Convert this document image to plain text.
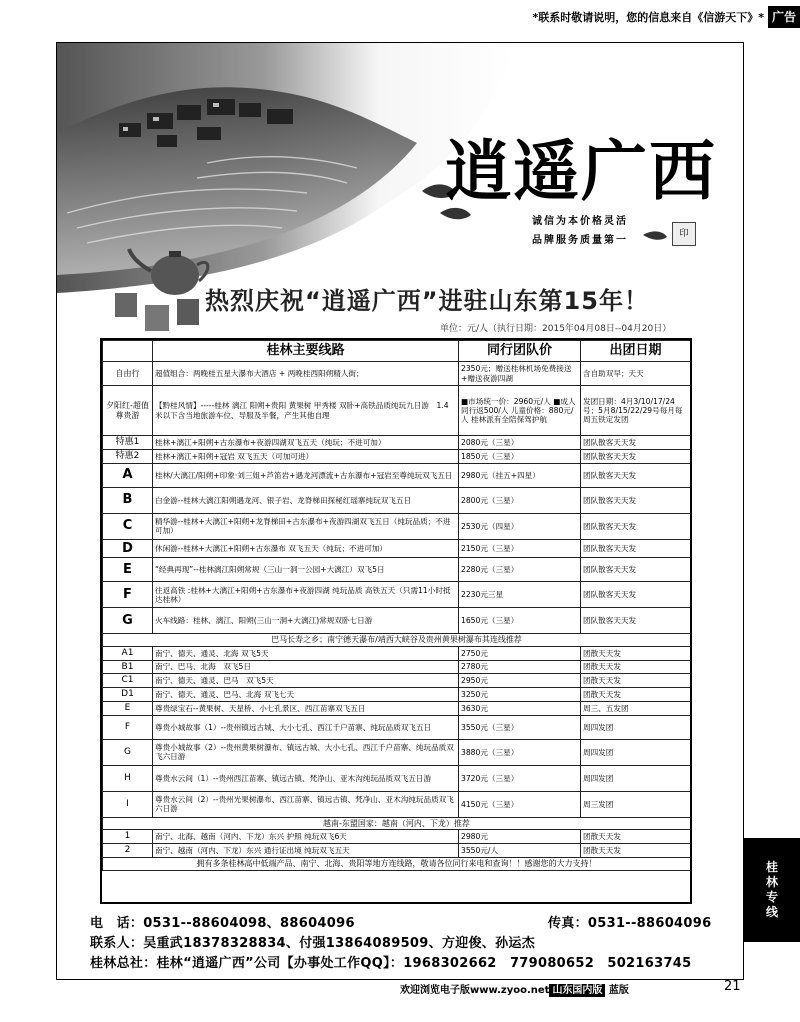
*联系时敬请说明，您的信息来自《信游天下》* 广告
逍遥广西
诚信为本价格灵活
品牌服务质量第一
印
热烈庆祝“逍遥广西”进驻山东第15年！
单位：元/人（执行日期：2015年04月08日--04月20日）
	桂林主要线路	同行团队价	出团日期
自由行	超值组合：两晚桂五星大瀑布大酒店 + 两晚桂西阳朔精人街；	2350元；赠送桂林机场免费接送+赠送夜游四湖	含自助双早；天天
夕阳红-超值尊贵游	【黔桂风情】-----桂林 漓江 阳朔+贵阳 黄果树 甲秀楼 双卧+高铁品质纯玩九日游　1.4米以下含当地旅游车位、导服及半餐，产生其他自理	■市场统一价：2960元/人 ■成人同行返500/人 儿童价格：880元/人 桂林派有全陪保驾护航	发团日期：4月3/10/17/24号；5月8/15/22/29号每月每周五铁定发团
特惠1	桂林+漓江+阳朔+古东瀑布+夜游四湖双飞五天（纯玩；不进可加）	2080元（三星）	团队散客天天发
特惠2	桂林+漓江+阳朔+冠岩 双飞五天（可加可进）	1850元（三星）	团队散客天天发
A	桂林/大漓江/阳朔+印象·刘三姐+芦笛岩+遇龙河漂流+古东瀑布+冠岩至尊纯玩双飞五日	2980元（挂五+四星）	团队散客天天发
B	白金游--桂林大漓江阳朔遇龙河、银子岩、龙脊梯田探秘红瑶寨纯玩双飞五日	2800元（三星）	团队散客天天发
C	精华游--桂林+大漓江+阳朔+龙脊梯田+古东瀑布+夜游四湖双飞五日（纯玩品质；不进可加）	2530元（四星）	团队散客天天发
D	休闲游--桂林+大漓江+阳朔+古东瀑布 双飞五天（纯玩；不进可加）	2150元（三星）	团队散客天天发
E	“经典再现”--桂林漓江阳朔常规（三山一洞一公园+大漓江）双飞5日	2280元（三星）	团队散客天天发
F	往返高铁 :桂林+大漓江+阳朔+古东瀑布+夜游四湖 纯玩品质 高铁五天（只需11小时抵达桂林）	2230元三星	团队散客天天发
G	火车线路：桂林、漓江、阳朔(三山一洞+大漓江)常规双卧七日游	1650元（三星）	团队散客天天发
巴马长寿之乡；南宁德天瀑布/靖西大峡谷及贵州黄果树瀑布其连线推荐			
A1	南宁、德天、通灵、北海 双飞5天	2750元	团散天天发
B1	南宁、巴马、北海　双飞5日	2780元	团散天天发
C1	南宁、德天、通灵、巴马　双飞5天	2950元	团散天天发
D1	南宁、德天、通灵、巴马、北海 双飞七天	3250元	团散天天发
E	尊贵绿宝石--黄果树、天星桥、小七孔景区、西江苗寨双飞五日	3630元	周三、五发团
F	尊贵小城故事（1）--贵州镇远古城、大小七孔、西江千户苗寨、纯玩品质双飞五日	3550元（三星）	周四发团
G	尊贵小城故事（2）--贵州黄果树瀑布、镇远古城、大小七孔、西江千户苗寨、纯玩品质双飞六日游	3880元（三星）	周四发团
H	尊贵水云间（1）--贵州西江苗寨、镇远古镇、梵净山、亚木沟纯玩品质双飞五日游	3720元（三星）	周四发团
I	尊贵水云间（2）--贵州光果树瀑布、西江苗寨、镇远古镇、梵净山、亚木沟纯玩品质双飞六日游	4150元（三星）	周三发团
越南-东盟国家：越南（河内、下龙）推荐			
1	南宁、北海、越南（河内、下龙）东兴 护照 纯玩双飞6天	2980元	团散天天发
2	南宁、越南（河内、下龙）东兴 通行证出境 纯玩双飞五天	3550元/人	团散天天发
拥有多条桂林高中低端产品、南宁、北海、贵阳等地方连线路，敬请各位同行来电和查询！！感谢您的大力支持！				桂林专线
电　话：0531--88604098、88604096	传真：0531--88604096
联系人：吴重武18378328834、付强13864089509、方迎俊、孙运杰
桂林总社：桂林“逍遥广西”公司【办事处工作QQ】：1968302662　779080652　502163745
欢迎浏览电子版www.zyoo.net 山东国内版 蓝版	21
